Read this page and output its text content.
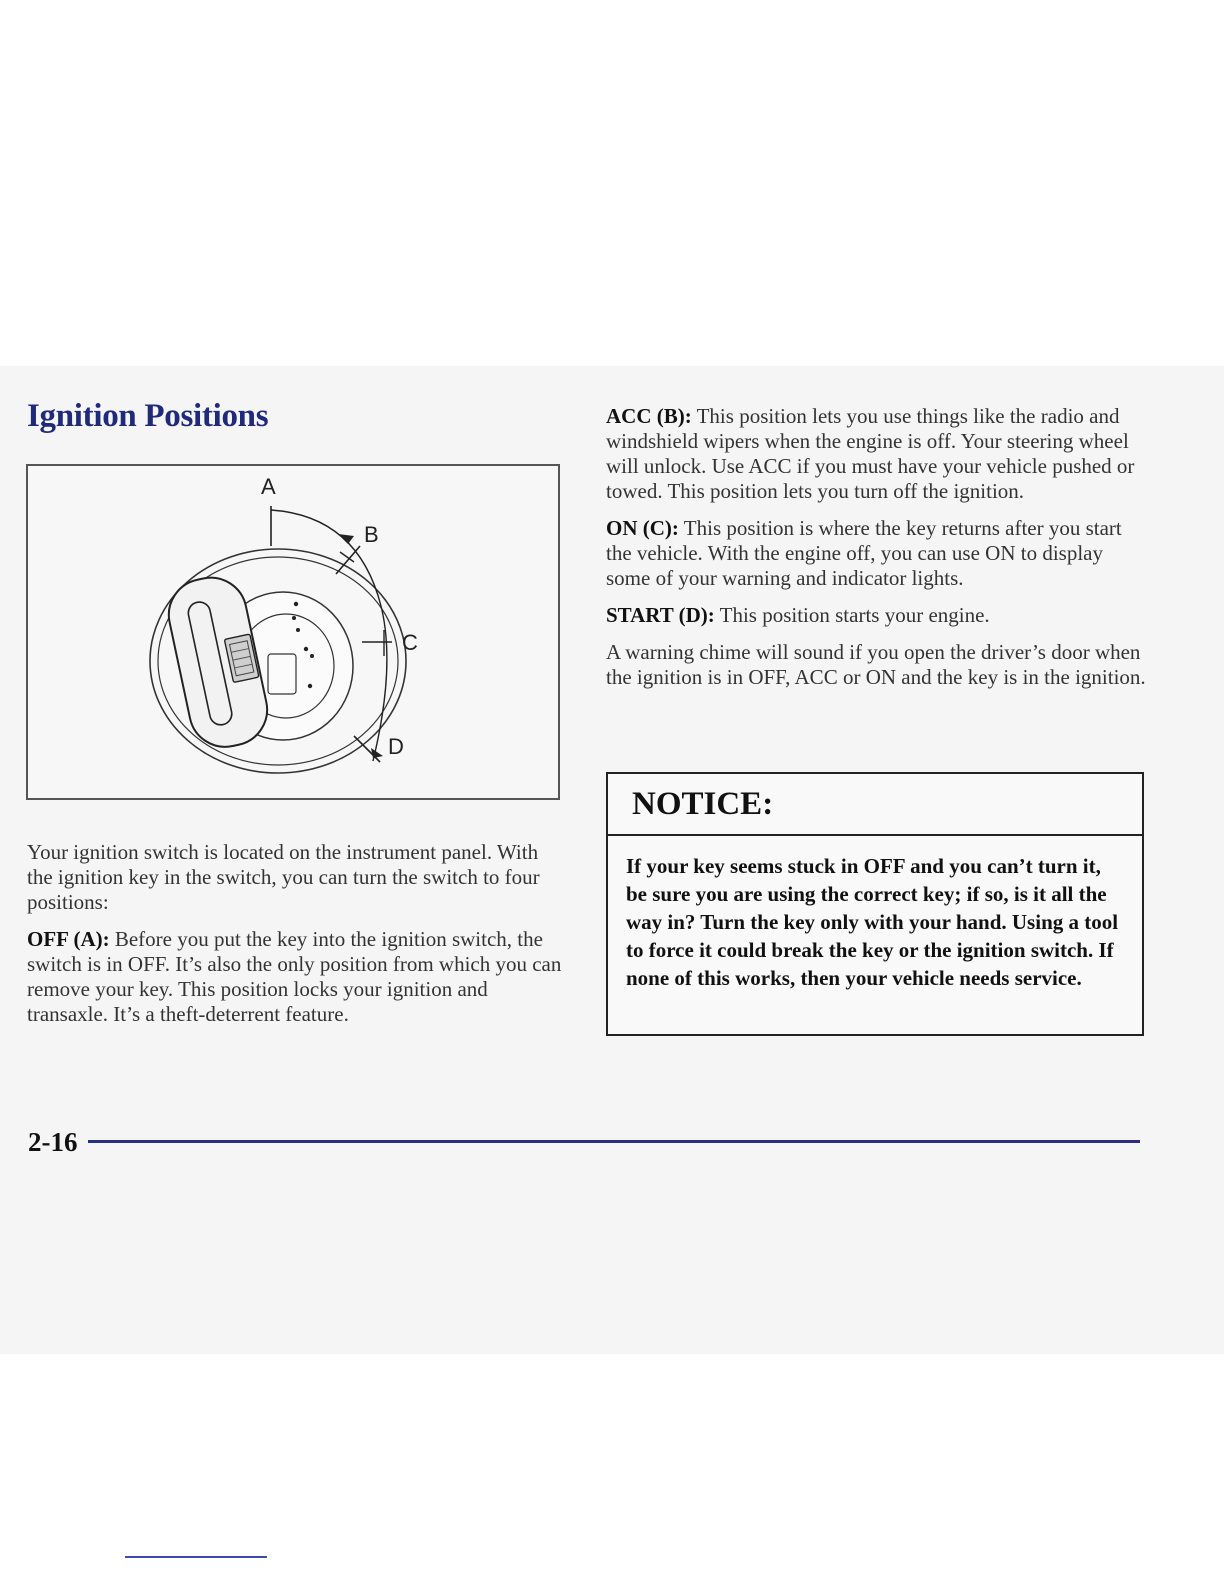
Ignition Positions
A
B
C
D

Your ignition switch is located on the instrument panel. With the ignition key in the switch, you can turn the switch to four positions:

OFF (A): Before you put the key into the ignition switch, the switch is in OFF. It’s also the only position from which you can remove your key. This position locks your ignition and transaxle. It’s a theft-deterrent feature.

ACC (B): This position lets you use things like the radio and windshield wipers when the engine is off. Your steering wheel will unlock. Use ACC if you must have your vehicle pushed or towed. This position lets you turn off the ignition.

ON (C): This position is where the key returns after you start the vehicle. With the engine off, you can use ON to display some of your warning and indicator lights.

START (D): This position starts your engine.

A warning chime will sound if you open the driver’s door when the ignition is in OFF, ACC or ON and the key is in the ignition.

NOTICE:
If your key seems stuck in OFF and you can’t turn it, be sure you are using the correct key; if so, is it all the way in? Turn the key only with your hand. Using a tool to force it could break the key or the ignition switch. If none of this works, then your vehicle needs service.
2-16
